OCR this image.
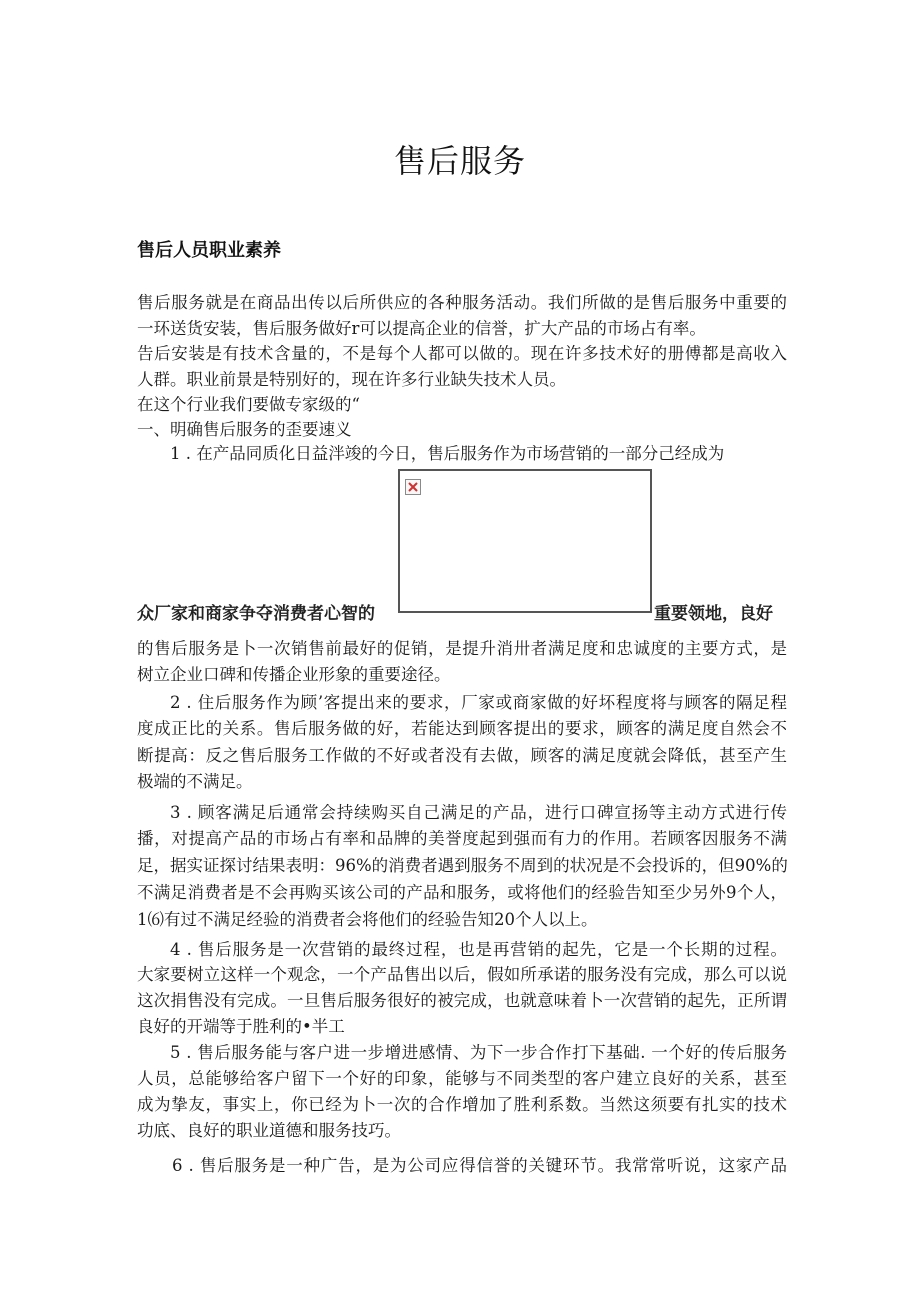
售后服务
售后人员职业素养

售后服务就是在商品出传以后所供应的各种服务活动。我们所做的是售后服务中重要的

一环送货安装，售后服务做好r可以提高企业的信誉，扩大产品的市场占有率。

告后安装是有技术含量的，不是每个人都可以做的。现在许多技术好的册傅都是高收入

人群。职业前景是特别好的，现在许多行业缺失技术人员。

在这个行业我们要做专家级的“

一、明确售后服务的歪要速义

1 . 在产品同质化日益泮竣的今日，售后服务作为市场营销的一部分己经成为

众厂家和商家争夺消费者心智的	重要领地，良好

的售后服务是卜一次销售前最好的促销，是提升消卅者满足度和忠诚度的主要方式，是

树立企业口碑和传播企业形象的重要途径。

2 . 住后服务作为顾’客提出来的要求，厂家或商家做的好坏程度将与顾客的隔足程

度成正比的关系。售后服务做的好，若能达到顾客提出的要求，顾客的满足度自然会不

断提高：反之售后服务工作做的不好或者没有去做，顾客的满足度就会降低，甚至产生

极端的不满足。

3 . 顾客满足后通常会持续购买自己满足的产品，进行口碑宣扬等主动方式进行传

播，对提高产品的市场占有率和品牌的美誉度起到强而有力的作用。若顾客因服务不满

足，据实证探讨结果表明：96%的消费者遇到服务不周到的状况是不会投诉的，但90%的

不满足消费者是不会再购买该公司的产品和服务，或将他们的经验告知至少另外9个人，

1⑹有过不满足经验的消费者会将他们的经验告知20个人以上。

4 . 售后服务是一次营销的最终过程，也是再营销的起先，它是一个长期的过程。

大家要树立这样一个观念，一个产品售出以后，假如所承诺的服务没有完成，那么可以说

这次捐售没有完成。一旦售后服务很好的被完成，也就意味着卜一次营销的起先，正所谓

良好的开端等于胜利的•半工

5 . 售后服务能与客户进一步增进感情、为下一步合作打下基础. 一个好的传后服务

人员，总能够给客户留下一个好的印象，能够与不同类型的客户建立良好的关系，甚至

成为挚友，事实上，你已经为卜一次的合作增加了胜利系数。当然这须要有扎实的技术

功底、良好的职业道德和服务技巧。

6 . 售后服务是一种广告，是为公司应得信誉的关键环节。我常常听说，这家产品
